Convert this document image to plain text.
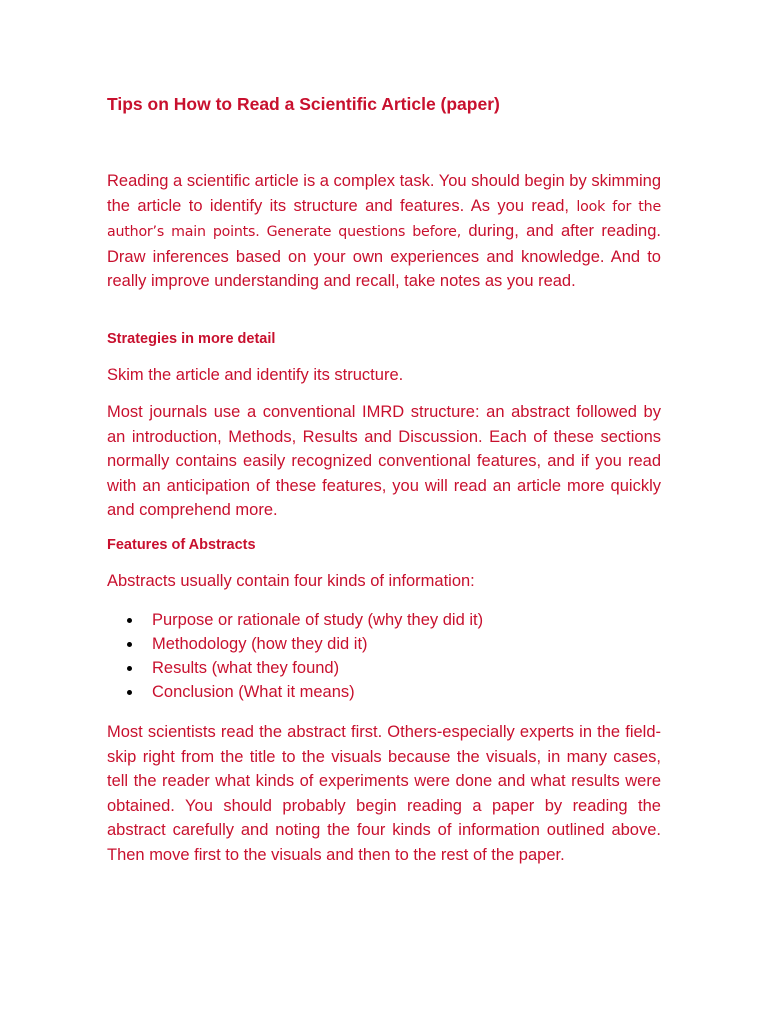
Tips on How to Read a Scientific Article (paper)

Reading a scientific article is a complex task. You should begin by skimming the article to identify its structure and features. As you read, look for the author’s main points. Generate questions before, during, and after reading. Draw inferences based on your own experiences and knowledge. And to really improve understanding and recall, take notes as you read.

Strategies in more detail

Skim the article and identify its structure.

Most journals use a conventional IMRD structure: an abstract followed by an introduction, Methods, Results and Discussion. Each of these sections normally contains easily recognized conventional features, and if you read with an anticipation of these features, you will read an article more quickly and comprehend more.

Features of Abstracts

Abstracts usually contain four kinds of information:

Purpose or rationale of study (why they did it)
Methodology (how they did it)
Results (what they found)
Conclusion (What it means)

Most scientists read the abstract first. Others-especially experts in the field- skip right from the title to the visuals because the visuals, in many cases, tell the reader what kinds of experiments were done and what results were obtained. You should probably begin reading a paper by reading the abstract carefully and noting the four kinds of information outlined above. Then move first to the visuals and then to the rest of the paper.
